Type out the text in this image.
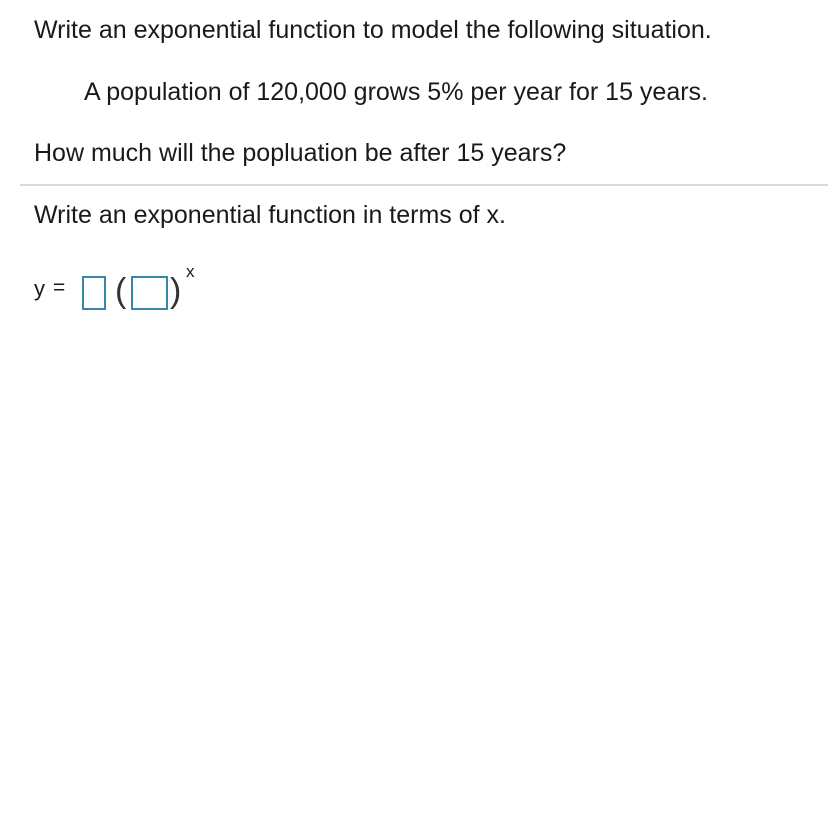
Write an exponential function to model the following situation.
A population of 120,000 grows 5% per year for 15 years.
How much will the popluation be after 15 years?
Write an exponential function in terms of x.
y = ( )
x
